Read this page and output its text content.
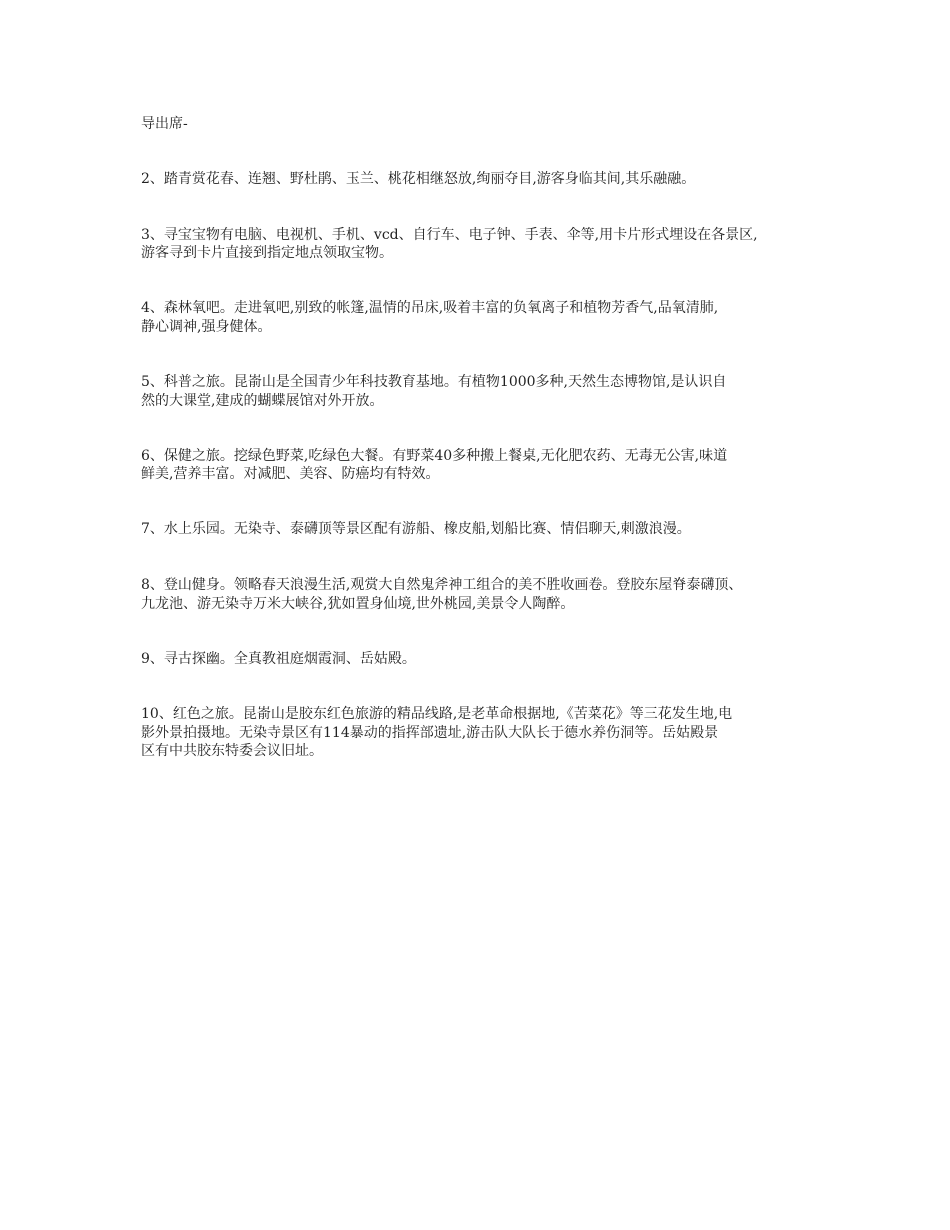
导出席-

2、踏青赏花春、连翘、野杜鹃、玉兰、桃花相继怒放,绚丽夺目,游客身临其间,其乐融融。

3、寻宝宝物有电脑、电视机、手机、vcd、自行车、电子钟、手表、伞等,用卡片形式埋设在各景区,

游客寻到卡片直接到指定地点领取宝物。

4、森林氧吧。走进氧吧,别致的帐篷,温情的吊床,吸着丰富的负氧离子和植物芳香气,品氧清肺,

静心调神,强身健体。

5、科普之旅。昆嵛山是全国青少年科技教育基地。有植物1000多种,天然生态博物馆,是认识自

然的大课堂,建成的蝴蝶展馆对外开放。

6、保健之旅。挖绿色野菜,吃绿色大餐。有野菜40多种搬上餐桌,无化肥农药、无毒无公害,味道

鲜美,营养丰富。对减肥、美容、防癌均有特效。

7、水上乐园。无染寺、泰礴顶等景区配有游船、橡皮船,划船比赛、情侣聊天,刺激浪漫。

8、登山健身。领略春天浪漫生活,观赏大自然鬼斧神工组合的美不胜收画卷。登胶东屋脊泰礴顶、

九龙池、游无染寺万米大峡谷,犹如置身仙境,世外桃园,美景令人陶醉。

9、寻古探幽。全真教祖庭烟霞洞、岳姑殿。

10、红色之旅。昆嵛山是胶东红色旅游的精品线路,是老革命根据地,《苦菜花》等三花发生地,电

影外景拍摄地。无染寺景区有114暴动的指挥部遗址,游击队大队长于德水养伤洞等。岳姑殿景

区有中共胶东特委会议旧址。
